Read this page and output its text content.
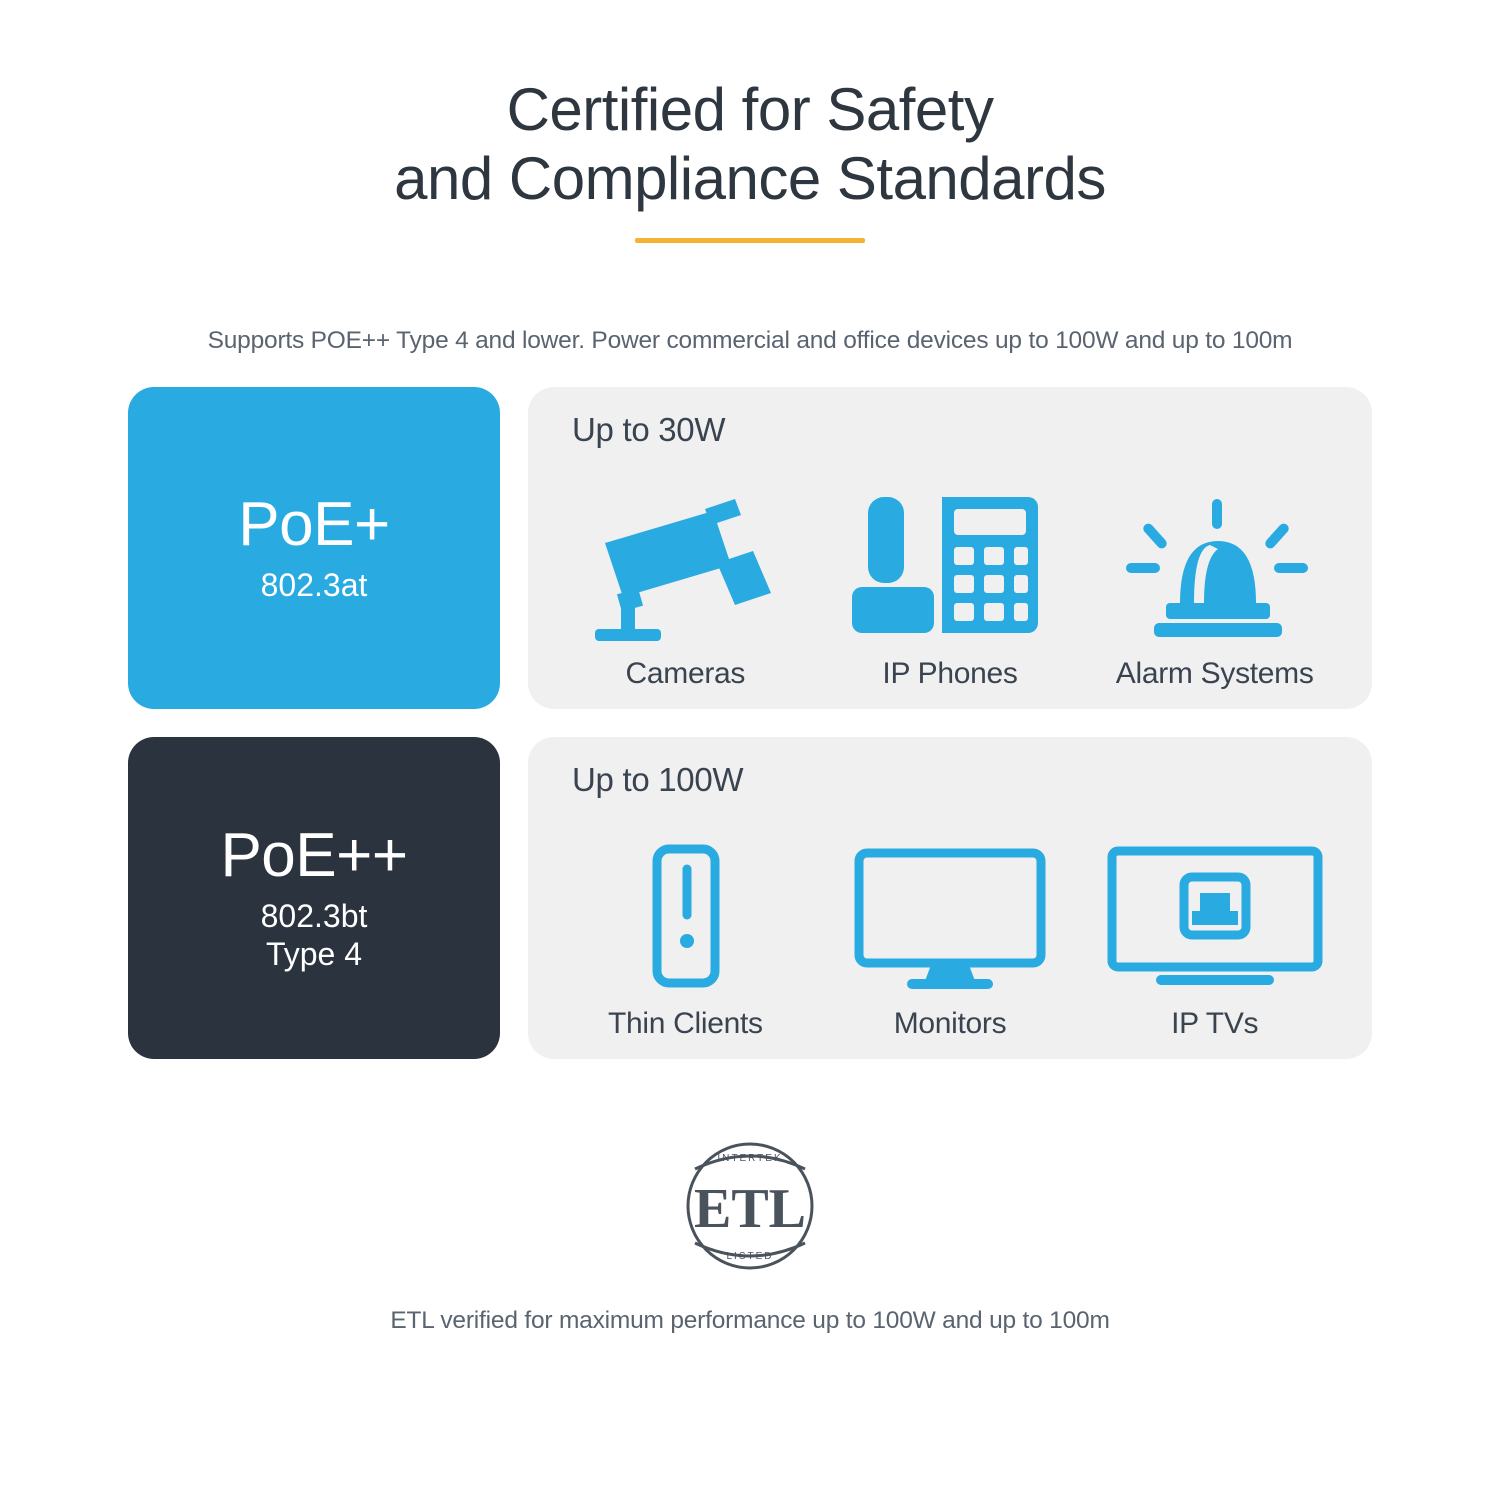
Certified for Safety
and Compliance Standards
Supports POE++ Type 4 and lower. Power commercial and office devices up to 100W and up to 100m
PoE+
802.3at
Up to 30W
Cameras	IP Phones	Alarm Systems
PoE++
802.3bt
Type 4
Up to 100W
Thin Clients	Monitors	IP TVs
ETL
INTERTEK
LISTED
ETL verified for maximum performance up to 100W and up to 100m
